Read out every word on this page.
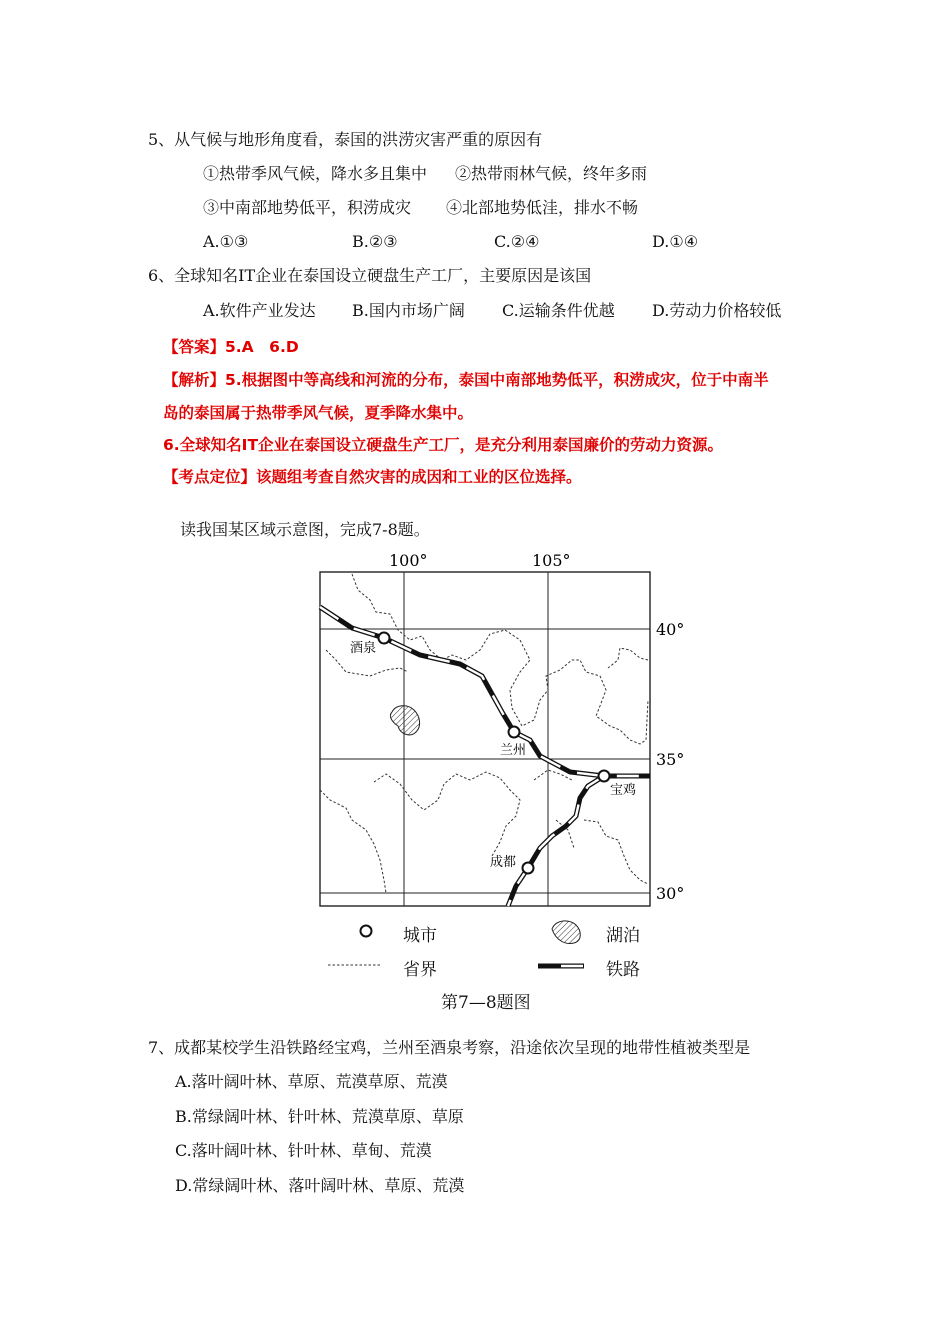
5、从气候与地形角度看，泰国的洪涝灾害严重的原因有
①热带季风气候，降水多且集中 ②热带雨林气候，终年多雨
③中南部地势低平，积涝成灾 ④北部地势低洼，排水不畅
A.①③	B.②③	C.②④	D.①④
6、全球知名IT企业在泰国设立硬盘生产工厂，主要原因是该国
A.软件产业发达 B.国内市场广阔 C.运输条件优越 D.劳动力价格较低
【答案】5.A　6.D
【解析】5.根据图中等高线和河流的分布，泰国中南部地势低平，积涝成灾，位于中南半
岛的泰国属于热带季风气候，夏季降水集中。
6.全球知名IT企业在泰国设立硬盘生产工厂，是充分利用泰国廉价的劳动力资源。
【考点定位】该题组考查自然灾害的成因和工业的区位选择。
读我国某区域示意图，完成7-8题。
100°	105°
40°
35°
30°
酒泉
兰州
宝鸡
成都
城市	湖泊
省界	铁路
第7—8题图
7、成都某校学生沿铁路经宝鸡，兰州至酒泉考察，沿途依次呈现的地带性植被类型是
A.落叶阔叶林、草原、荒漠草原、荒漠
B.常绿阔叶林、针叶林、荒漠草原、草原
C.落叶阔叶林、针叶林、草甸、荒漠
D.常绿阔叶林、落叶阔叶林、草原、荒漠
